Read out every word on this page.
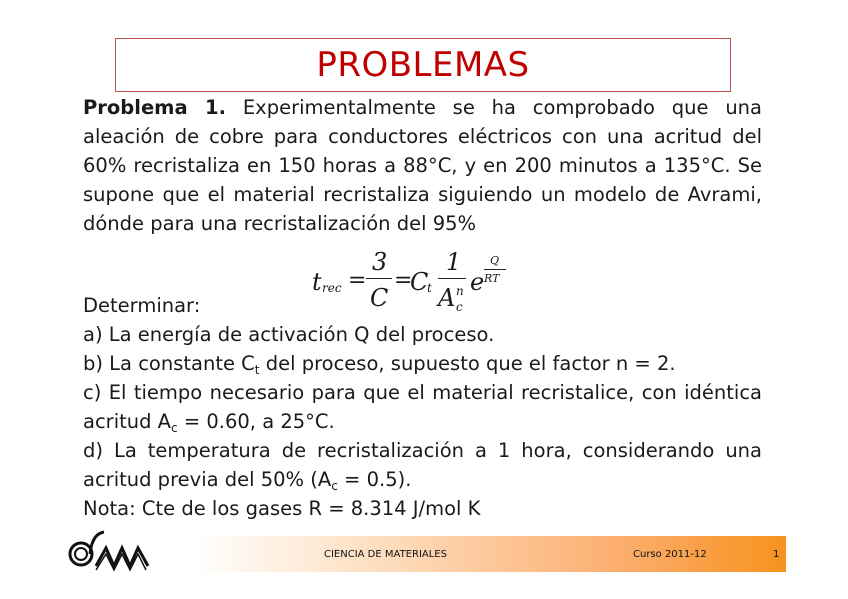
PROBLEMAS
Problema 1. Experimentalmente se ha comprobado que una
aleación de cobre para conductores eléctricos con una acritud del
60% recristaliza en 150 horas a 88°C, y en 200 minutos a 135°C. Se
supone que el material recristaliza siguiendo un modelo de Avrami,
dónde para una recristalización del 95%
t rec =
3
C
=
C
t
1
A n
c
e
Q
RT
Determinar:
a) La energía de activación Q del proceso.
b) La constante $C_t$ del proceso, supuesto que el factor n = 2.
c) El tiempo necesario para que el material recristalice, con idéntica
acritud $A_c = 0.60$, a 25°C.
d) La temperatura de recristalización a 1 hora, considerando una
acritud previa del 50% $(A_c = 0.5)$.
Nota: Cte de los gases R = 8.314 J/mol K
CIENCIA DE MATERIALES	Curso 2011-12	1
